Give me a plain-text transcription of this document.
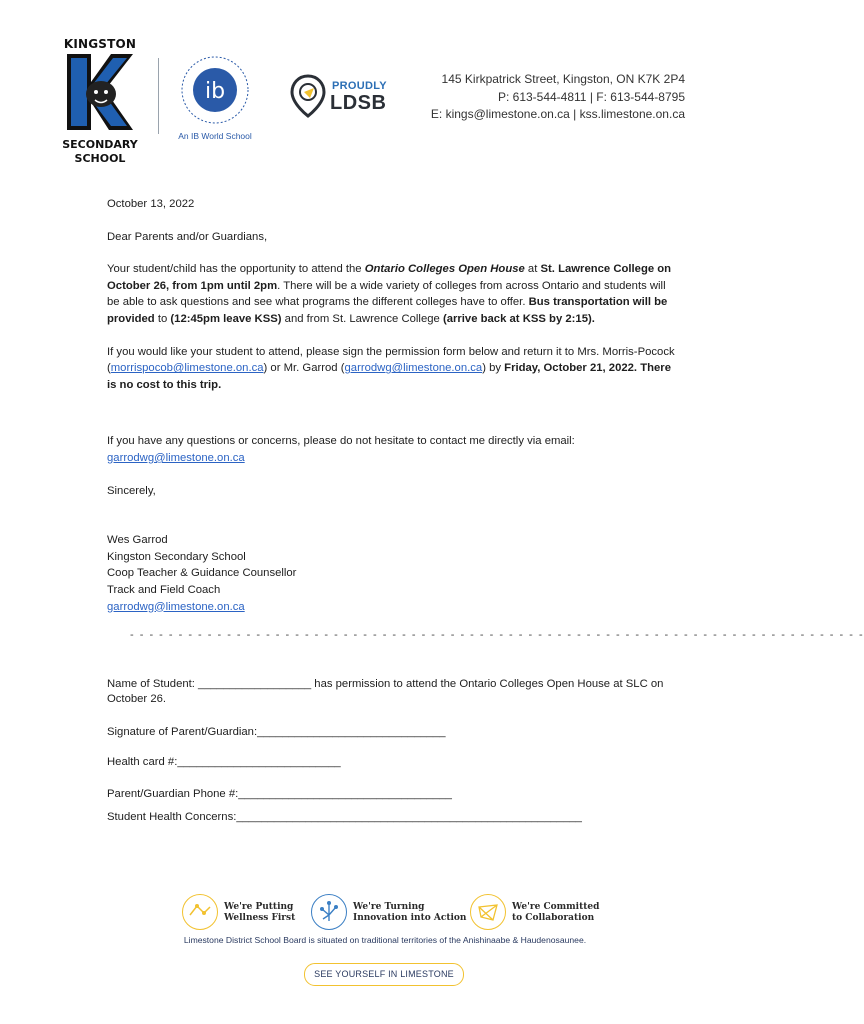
KINGSTON
SECONDARY
SCHOOL
ib
An IB World School
PROUDLY
LDSB
145 Kirkpatrick Street, Kingston, ON K7K 2P4
P: 613-544-4811 | F: 613-544-8795
E: kings@limestone.on.ca | kss.limestone.on.ca

October 13, 2022

Dear Parents and/or Guardians,

Your student/child has the opportunity to attend the Ontario Colleges Open House at St. Lawrence College on October 26, from 1pm until 2pm. There will be a wide variety of colleges from across Ontario and students will be able to ask questions and see what programs the different colleges have to offer. Bus transportation will be provided to (12:45pm leave KSS) and from St. Lawrence College (arrive back at KSS by 2:15).

If you would like your student to attend, please sign the permission form below and return it to Mrs. Morris-Pocock (morrispocob@limestone.on.ca) or Mr. Garrod (garrodwg@limestone.on.ca) by Friday, October 21, 2022. There is no cost to this trip.

If you have any questions or concerns, please do not hesitate to contact me directly via email:

garrodwg@limestone.on.ca

Sincerely,

Wes Garrod

Kingston Secondary School

Coop Teacher & Guidance Counsellor

Track and Field Coach

garrodwg@limestone.on.ca

- - - - - - - - - - - - - - - - - - - - - - - - - - - - - - - - - - - - - - - - - - - - - - - - - - - - - - - - - - - - - - - - - - - - - - - - - - - -
Name of Student: __________________ has permission to attend the Ontario Colleges Open House at SLC on
October 26.
Signature of Parent/Guardian:______________________________
Health card #:__________________________
Parent/Guardian Phone #:__________________________________
Student Health Concerns:_______________________________________________________
We're Putting
Wellness First
We're Turning
Innovation into Action
We're Committed
to Collaboration
Limestone District School Board is situated on traditional territories of the Anishinaabe & Haudenosaunee.
SEE YOURSELF IN LIMESTONE
